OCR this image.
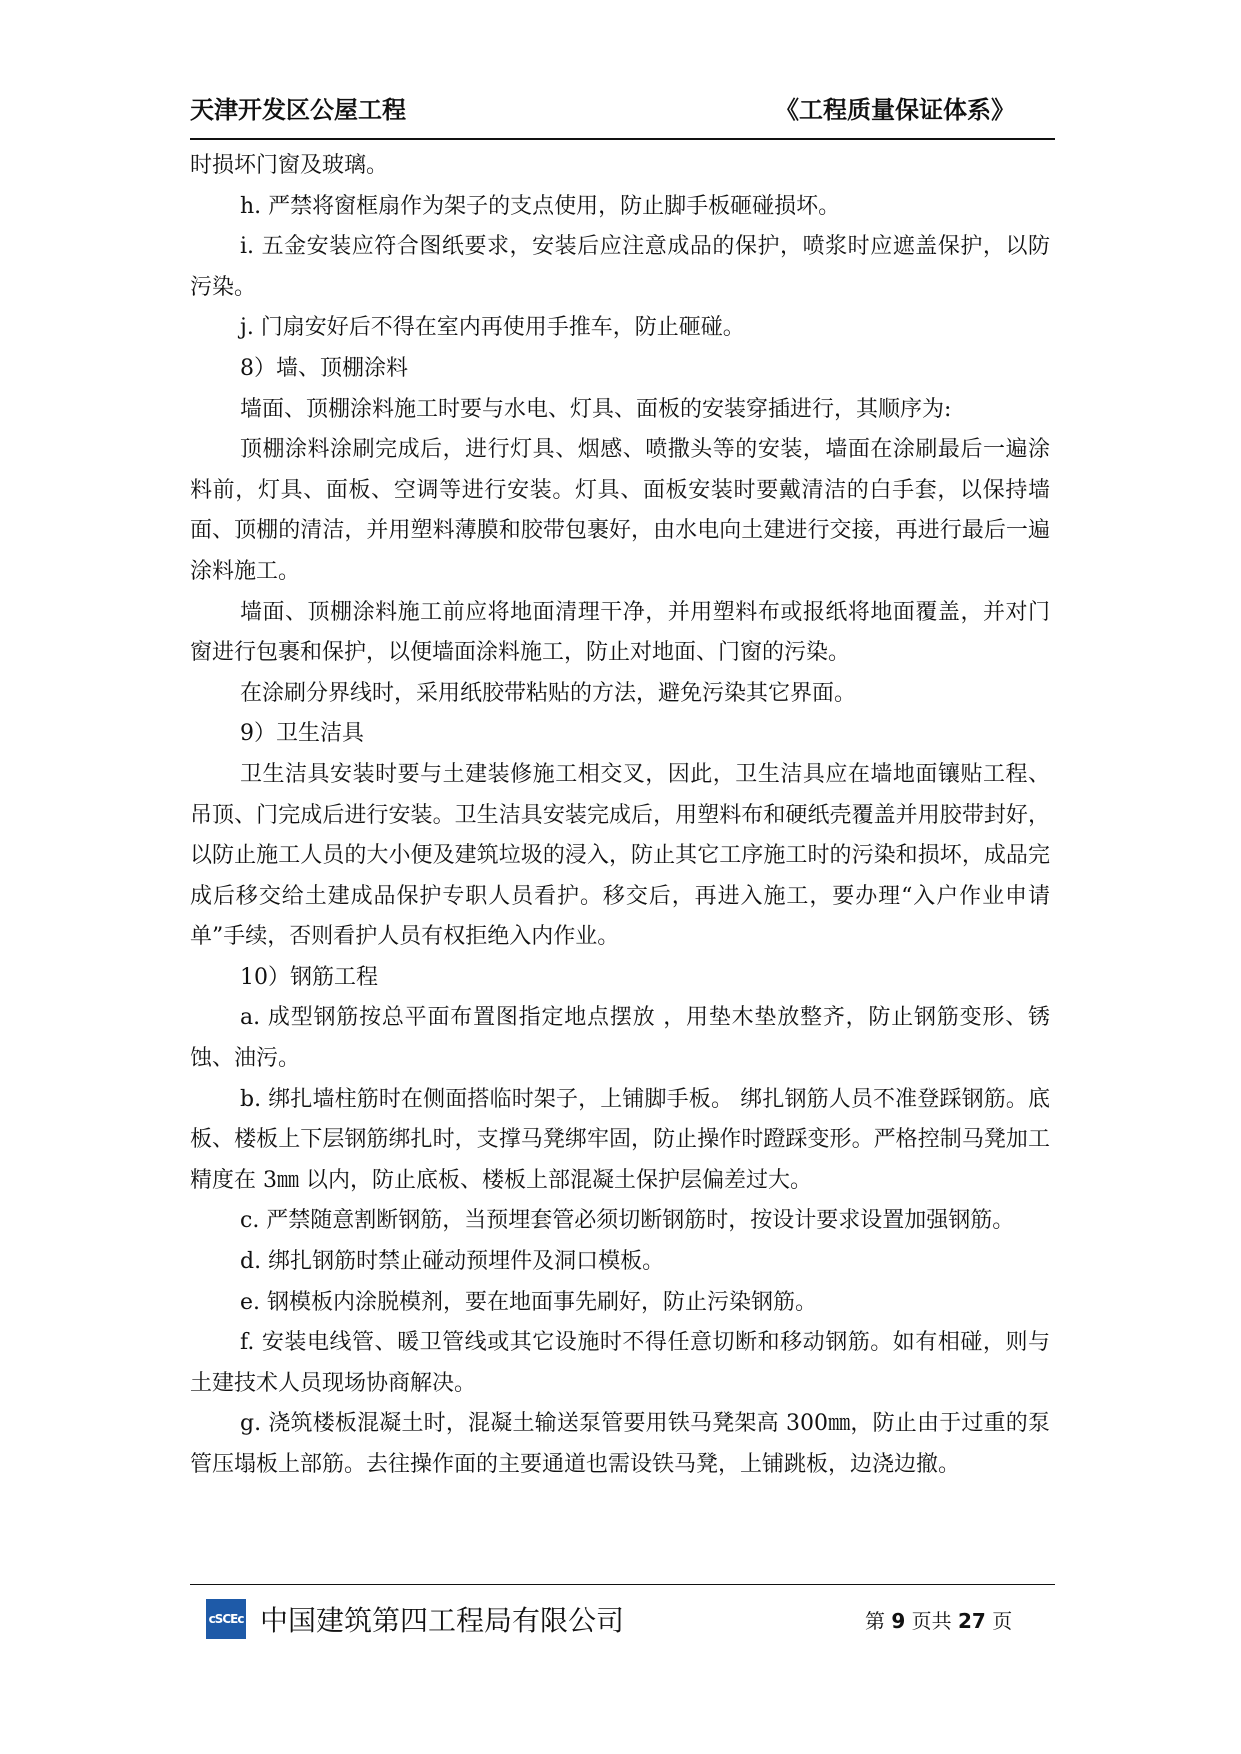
天津开发区公屋工程	《工程质量保证体系》

时损坏门窗及玻璃。

h. 严禁将窗框扇作为架子的支点使用，防止脚手板砸碰损坏。

i. 五金安装应符合图纸要求，安装后应注意成品的保护，喷浆时应遮盖保护，以防污染。

j. 门扇安好后不得在室内再使用手推车，防止砸碰。

8）墙、顶棚涂料

墙面、顶棚涂料施工时要与水电、灯具、面板的安装穿插进行，其顺序为:

顶棚涂料涂刷完成后，进行灯具、烟感、喷撒头等的安装，墙面在涂刷最后一遍涂料前，灯具、面板、空调等进行安装。灯具、面板安装时要戴清洁的白手套，以保持墙面、顶棚的清洁，并用塑料薄膜和胶带包裹好，由水电向土建进行交接，再进行最后一遍涂料施工。

墙面、顶棚涂料施工前应将地面清理干净，并用塑料布或报纸将地面覆盖，并对门窗进行包裹和保护，以便墙面涂料施工，防止对地面、门窗的污染。

在涂刷分界线时，采用纸胶带粘贴的方法，避免污染其它界面。

9）卫生洁具

卫生洁具安装时要与土建装修施工相交叉，因此，卫生洁具应在墙地面镶贴工程、吊顶、门完成后进行安装。卫生洁具安装完成后，用塑料布和硬纸壳覆盖并用胶带封好，以防止施工人员的大小便及建筑垃圾的浸入，防止其它工序施工时的污染和损坏，成品完成后移交给土建成品保护专职人员看护。移交后，再进入施工，要办理“入户作业申请单”手续，否则看护人员有权拒绝入内作业。

10）钢筋工程

a. 成型钢筋按总平面布置图指定地点摆放 ，用垫木垫放整齐，防止钢筋变形、锈蚀、油污。

b. 绑扎墙柱筋时在侧面搭临时架子，上铺脚手板。 绑扎钢筋人员不准登踩钢筋。底板、楼板上下层钢筋绑扎时，支撑马凳绑牢固，防止操作时蹬踩变形。严格控制马凳加工精度在 3㎜ 以内，防止底板、楼板上部混凝土保护层偏差过大。

c. 严禁随意割断钢筋，当预埋套管必须切断钢筋时，按设计要求设置加强钢筋。

d. 绑扎钢筋时禁止碰动预埋件及洞口模板。

e. 钢模板内涂脱模剂，要在地面事先刷好，防止污染钢筋。

f. 安装电线管、暖卫管线或其它设施时不得任意切断和移动钢筋。如有相碰，则与土建技术人员现场协商解决。

g. 浇筑楼板混凝土时，混凝土输送泵管要用铁马凳架高 300㎜，防止由于过重的泵管压塌板上部筋。去往操作面的主要通道也需设铁马凳，上铺跳板，边浇边撤。

cSCEc 中国建筑第四工程局有限公司	第 9 页共 27 页
